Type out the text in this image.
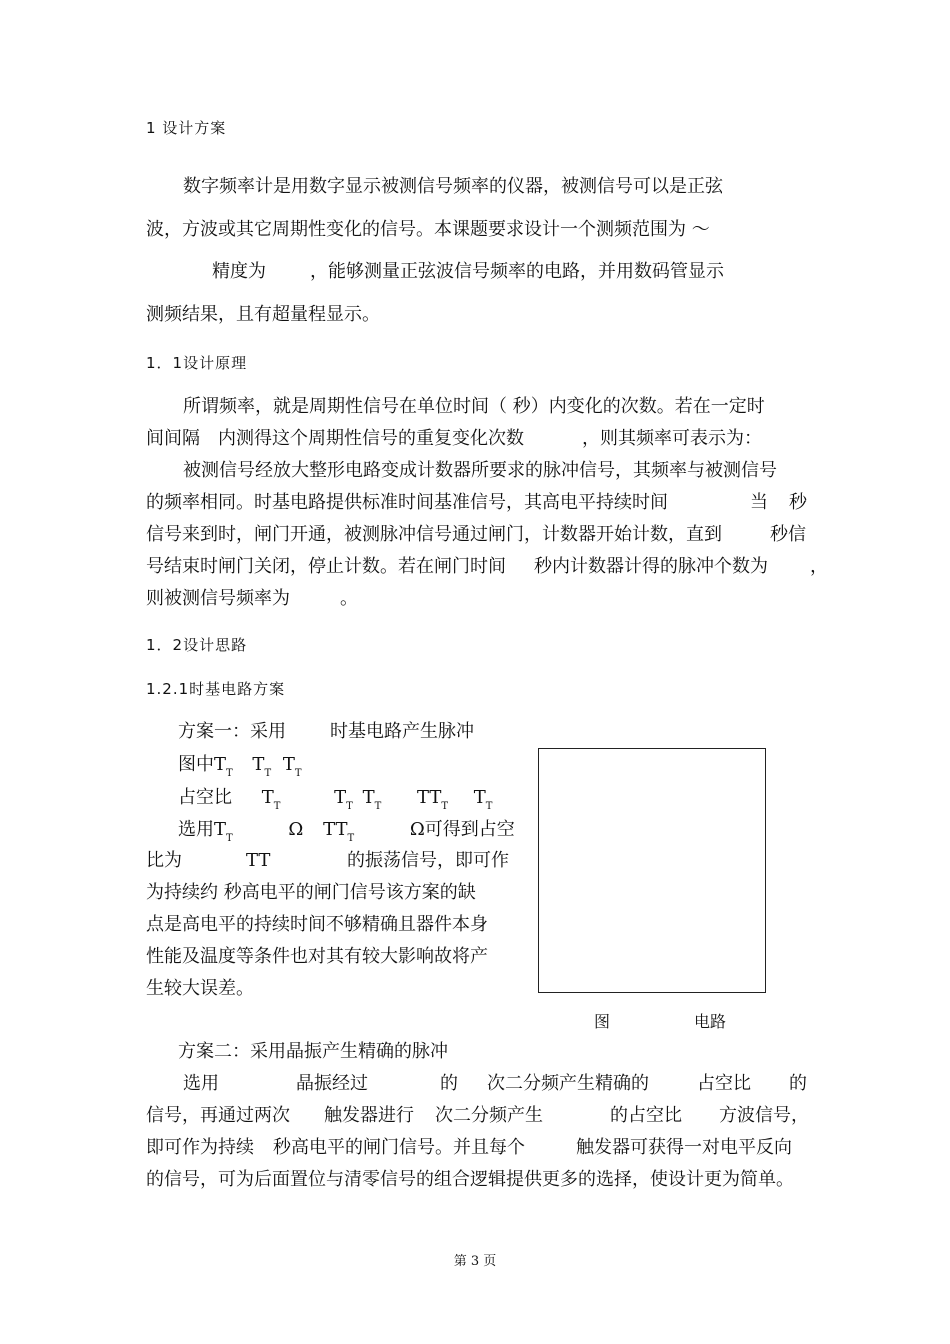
1 设计方案
数字频率计是用数字显示被测信号频率的仪器，被测信号可以是正弦
波，方波或其它周期性变化的信号。本课题要求设计一个测频范围为 ～
精度为 ，能够测量正弦波信号频率的电路，并用数码管显示
测频结果，且有超量程显示。
1．1设计原理
所谓频率，就是周期性信号在单位时间（ 秒）内变化的次数。若在一定时
间间隔 内测得这个周期性信号的重复变化次数	，则其频率可表示为：
被测信号经放大整形电路变成计数器所要求的脉冲信号，其频率与被测信号
的频率相同。时基电路提供标准时间基准信号，其高电平持续时间	当 秒
信号来到时，闸门开通，被测脉冲信号通过闸门，计数器开始计数，直到	秒信
号结束时闸门关闭，停止计数。若在闸门时间 秒内计数器计得的脉冲个数为 ，
则被测信号频率为	。
1．2设计思路
1.2.1时基电路方案
方案一：采用 时基电路产生脉冲
图中$T_T$ $T_T$ $T_T$
占空比 $T_T$	$T_T$ $T_T$ $TT_T$ $T_T$
选用$T_T$	Ω $TT_T$	Ω可得到占空
比为	TT	的振荡信号，即可作
为持续约 秒高电平的闸门信号该方案的缺
点是高电平的持续时间不够精确且器件本身
性能及温度等条件也对其有较大影响故将产
生较大误差。
图	电路
方案二：采用晶振产生精确的脉冲
选用	晶振经过	的 次二分频产生精确的	占空比 的
信号，再通过两次 触发器进行 次二分频产生	的占空比 方波信号，
即可作为持续 秒高电平的闸门信号。并且每个	触发器可获得一对电平反向
的信号，可为后面置位与清零信号的组合逻辑提供更多的选择，使设计更为简单。
第 3 页
